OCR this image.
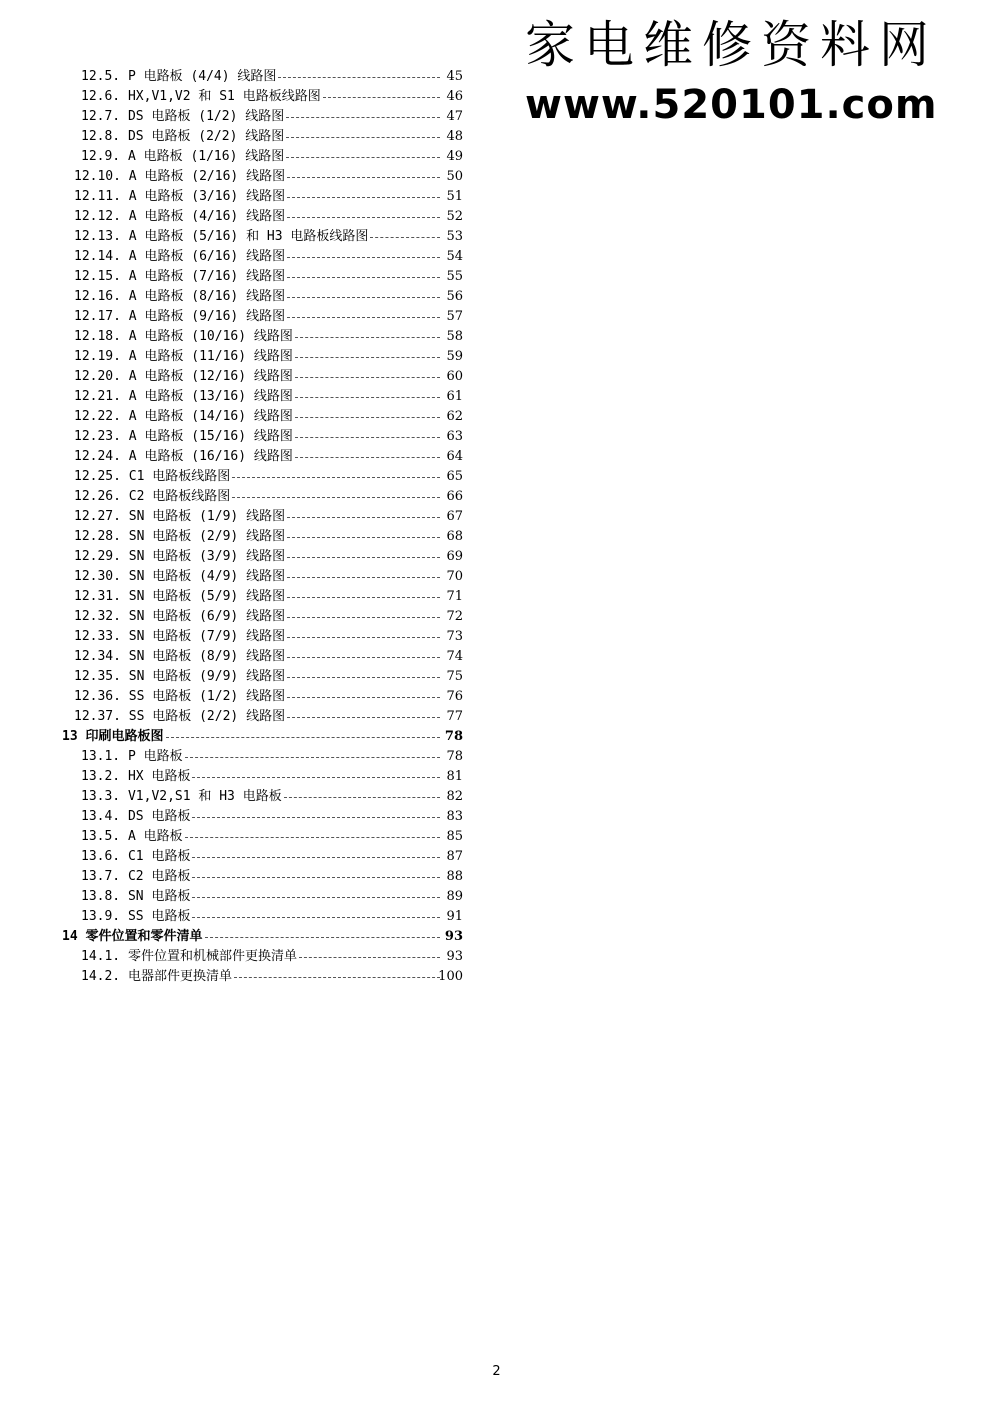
家电维修资料网
www.520101.com
12.5. P 电路板 (4/4) 线路图	45
12.6. HX,V1,V2 和 S1 电路板线路图	46
12.7. DS 电路板 (1/2) 线路图	47
12.8. DS 电路板 (2/2) 线路图	48
12.9. A 电路板 (1/16) 线路图	49
12.10. A 电路板 (2/16) 线路图	50
12.11. A 电路板 (3/16) 线路图	51
12.12. A 电路板 (4/16) 线路图	52
12.13. A 电路板 (5/16) 和 H3 电路板线路图	53
12.14. A 电路板 (6/16) 线路图	54
12.15. A 电路板 (7/16) 线路图	55
12.16. A 电路板 (8/16) 线路图	56
12.17. A 电路板 (9/16) 线路图	57
12.18. A 电路板 (10/16) 线路图	58
12.19. A 电路板 (11/16) 线路图	59
12.20. A 电路板 (12/16) 线路图	60
12.21. A 电路板 (13/16) 线路图	61
12.22. A 电路板 (14/16) 线路图	62
12.23. A 电路板 (15/16) 线路图	63
12.24. A 电路板 (16/16) 线路图	64
12.25. C1 电路板线路图	65
12.26. C2 电路板线路图	66
12.27. SN 电路板 (1/9) 线路图	67
12.28. SN 电路板 (2/9) 线路图	68
12.29. SN 电路板 (3/9) 线路图	69
12.30. SN 电路板 (4/9) 线路图	70
12.31. SN 电路板 (5/9) 线路图	71
12.32. SN 电路板 (6/9) 线路图	72
12.33. SN 电路板 (7/9) 线路图	73
12.34. SN 电路板 (8/9) 线路图	74
12.35. SN 电路板 (9/9) 线路图	75
12.36. SS 电路板 (1/2) 线路图	76
12.37. SS 电路板 (2/2) 线路图	77
13 印刷电路板图	78
13.1. P 电路板	78
13.2. HX 电路板	81
13.3. V1,V2,S1 和 H3 电路板	82
13.4. DS 电路板	83
13.5. A 电路板	85
13.6. C1 电路板	87
13.7. C2 电路板	88
13.8. SN 电路板	89
13.9. SS 电路板	91
14 零件位置和零件清单	93
14.1. 零件位置和机械部件更换清单	93
14.2. 电器部件更换清单	100
2
